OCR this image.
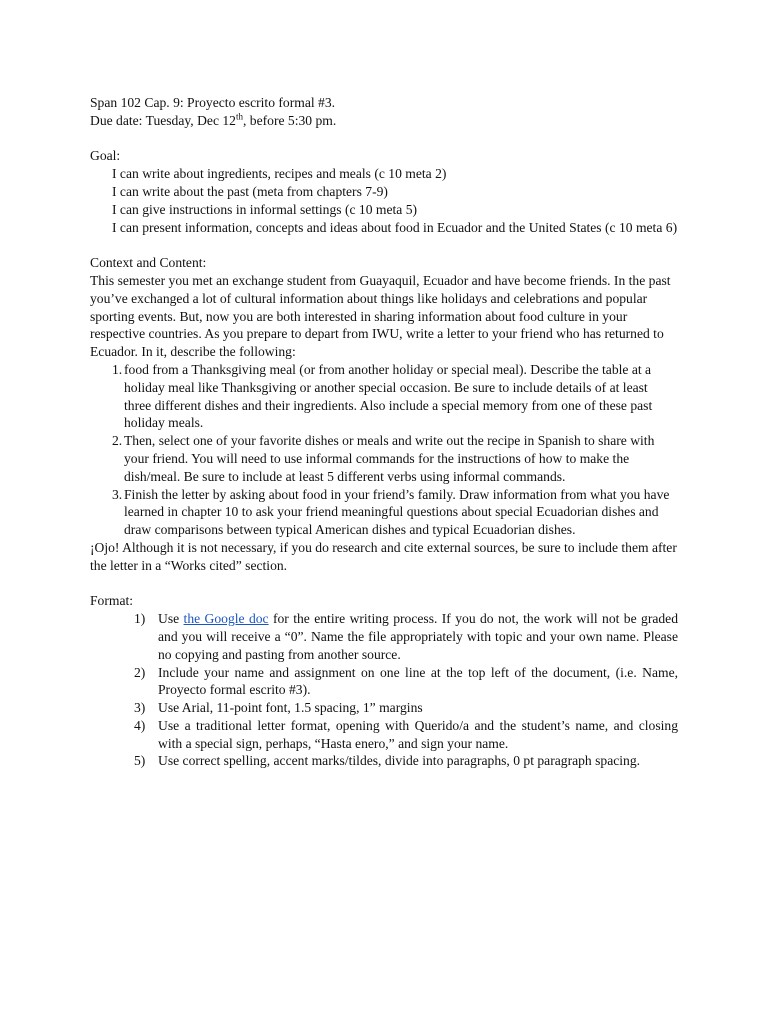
Span 102 Cap. 9: Proyecto escrito formal #3.

Due date: Tuesday, Dec 12th, before 5:30 pm.

Goal:

I can write about ingredients, recipes and meals (c 10 meta 2)

I can write about the past (meta from chapters 7-9)

I can give instructions in informal settings (c 10 meta 5)

I can present information, concepts and ideas about food in Ecuador and the United States (c 10 meta 6)

Context and Content:

This semester you met an exchange student from Guayaquil, Ecuador and have become friends. In the past you’ve exchanged a lot of cultural information about things like holidays and celebrations and popular sporting events. But, now you are both interested in sharing information about food culture in your respective countries. As you prepare to depart from IWU, write a letter to your friend who has returned to Ecuador. In it, describe the following:

1. food from a Thanksgiving meal (or from another holiday or special meal). Describe the table at a holiday meal like Thanksgiving or another special occasion. Be sure to include details of at least three different dishes and their ingredients. Also include a special memory from one of these past holiday meals.
2. Then, select one of your favorite dishes or meals and write out the recipe in Spanish to share with your friend. You will need to use informal commands for the instructions of how to make the dish/meal. Be sure to include at least 5 different verbs using informal commands.
3. Finish the letter by asking about food in your friend’s family. Draw information from what you have learned in chapter 10 to ask your friend meaningful questions about special Ecuadorian dishes and draw comparisons between typical American dishes and typical Ecuadorian dishes.

¡Ojo! Although it is not necessary, if you do research and cite external sources, be sure to include them after the letter in a “Works cited” section.

Format:

1) Use the Google doc for the entire writing process. If you do not, the work will not be graded and you will receive a “0”. Name the file appropriately with topic and your own name. Please no copying and pasting from another source.
2) Include your name and assignment on one line at the top left of the document, (i.e. Name, Proyecto formal escrito #3).
3) Use Arial, 11-point font, 1.5 spacing, 1” margins
4) Use a traditional letter format, opening with Querido/a and the student’s name, and closing with a special sign, perhaps, “Hasta enero,” and sign your name.
5) Use correct spelling, accent marks/tildes, divide into paragraphs, 0 pt paragraph spacing.
